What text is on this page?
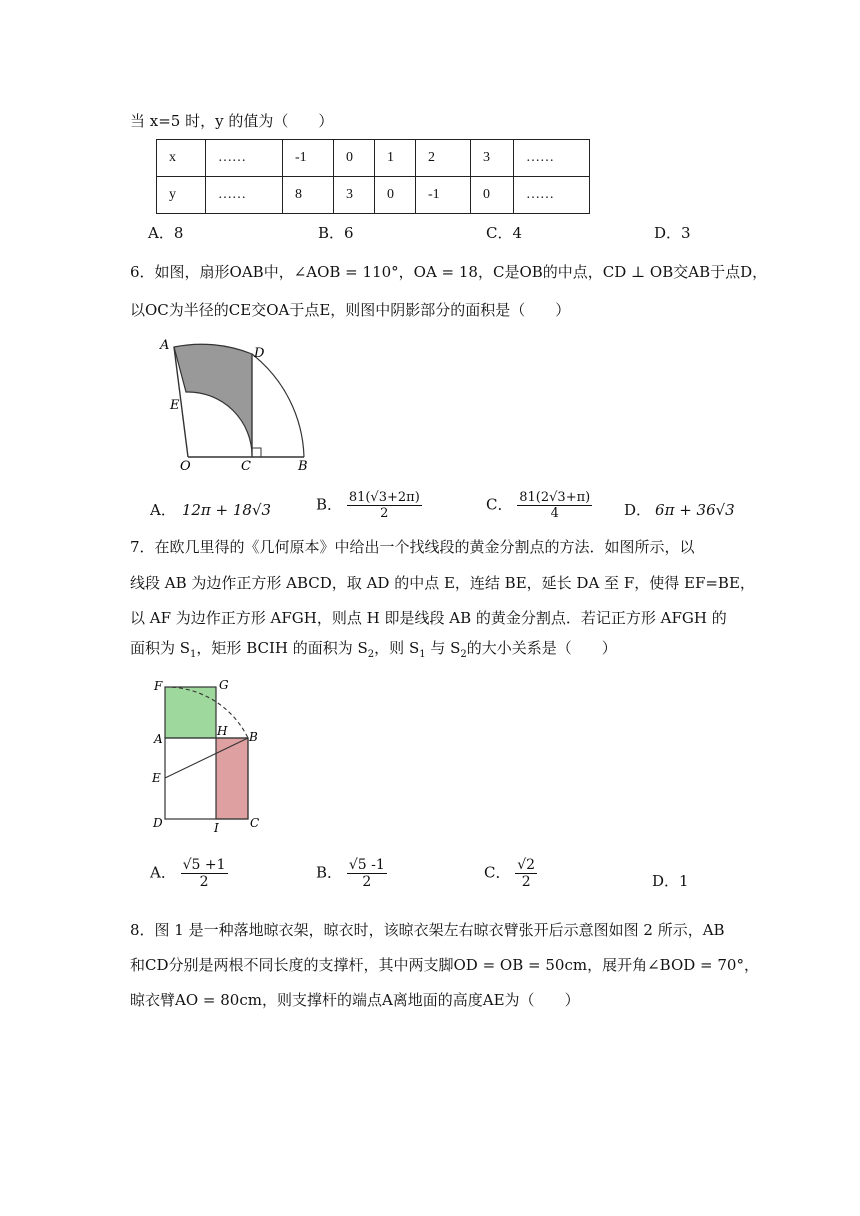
当 x=5 时，y 的值为（　　）
x	……	-1	0	1	2	3	……
y	……	8	3	0	-1	0	……
A．8	B．6	C．4	D．3
6．如图，扇形OAB中，∠AOB = 110°，OA = 18，C是OB的中点，CD ⊥ OB交AB于点D，
以OC为半径的CE交OA于点E，则图中阴影部分的面积是（　　）
A
D
E
O	C	B
A． 12π + 18√3	B． $\frac{81(√3+2\pi)}{2}$	C． $\frac{81(2√3+\pi)}{4}$ D． 6π + 36√3
7．在欧几里得的《几何原本》中给出一个找线段的黄金分割点的方法．如图所示，以
线段 AB 为边作正方形 ABCD，取 AD 的中点 E，连结 BE，延长 DA 至 F，使得 EF=BE，
以 AF 为边作正方形 AFGH，则点 H 即是线段 AB 的黄金分割点．若记正方形 AFGH 的
面积为 $S_1$，矩形 BCIH 的面积为 $S_2$，则 $S_1$ 与 $S_2$的大小关系是（　　）
F	G
A
H B
E
D	I	C
A． $\frac{√5 +1}{2}$	B． $\frac{√5 -1}{2}$	C． $\frac{√2}{2}$	D．1
8．图 1 是一种落地晾衣架，晾衣时，该晾衣架左右晾衣臂张开后示意图如图 2 所示，AB
和CD分别是两根不同长度的支撑杆，其中两支脚OD = OB = 50cm，展开角∠BOD = 70°，
晾衣臂AO = 80cm，则支撑杆的端点A离地面的高度AE为（　　）
